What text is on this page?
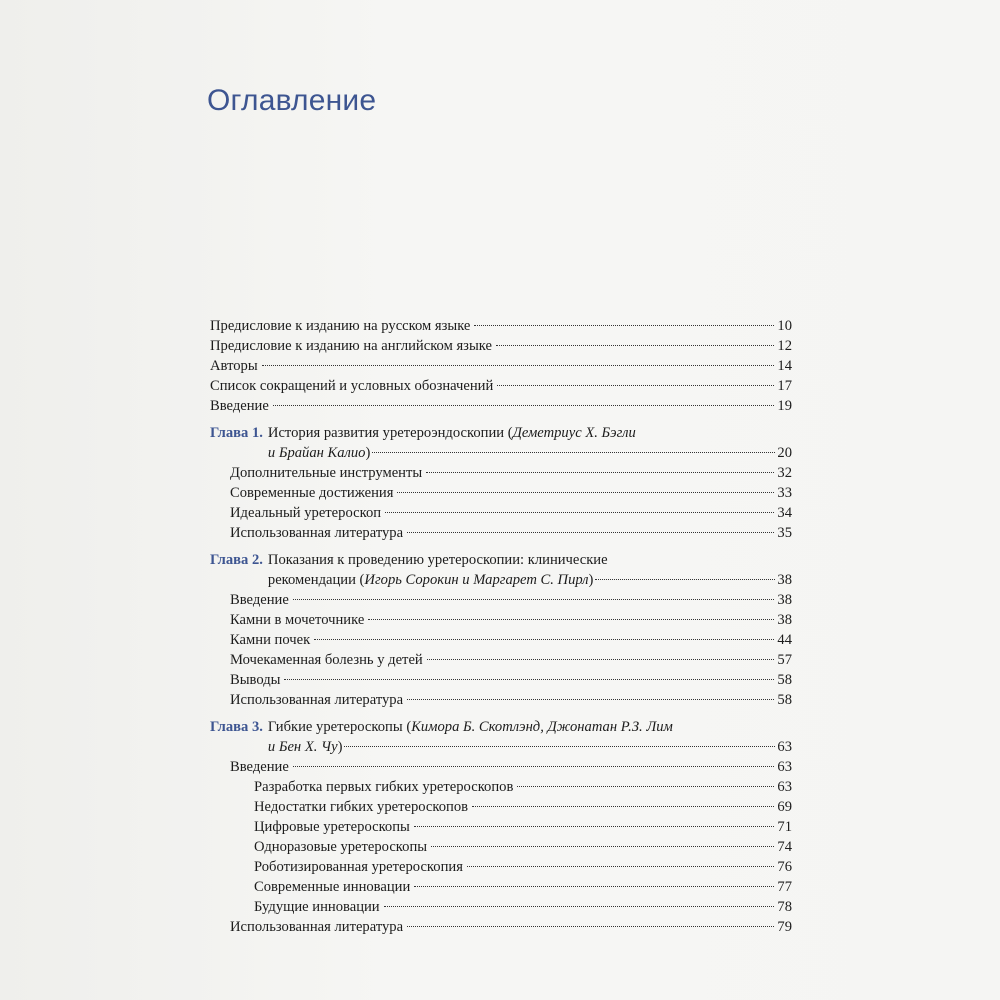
Оглавление
Предисловие к изданию на русском языке	10
Предисловие к изданию на английском языке	12
Авторы	14
Список сокращений и условных обозначений	17
Введение	19
Глава 1. История развития уретероэндоскопии (Деметриус Х. Бэгли
и Брайан Калио )	20
Дополнительные инструменты	32
Современные достижения	33
Идеальный уретероскоп	34
Использованная литература	35
Глава 2. Показания к проведению уретероскопии: клинические
рекомендации ( Игорь Сорокин и Маргарет С. Пирл )	38
Введение	38
Камни в мочеточнике	38
Камни почек	44
Мочекаменная болезнь у детей	57
Выводы	58
Использованная литература	58
Глава 3. Гибкие уретероскопы (Кимора Б. Скотлэнд, Джонатан Р.З. Лим
и Бен Х. Чу )	63
Введение	63
Разработка первых гибких уретероскопов	63
Недостатки гибких уретероскопов	69
Цифровые уретероскопы	71
Одноразовые уретероскопы	74
Роботизированная уретероскопия	76
Современные инновации	77
Будущие инновации	78
Использованная литература	79
